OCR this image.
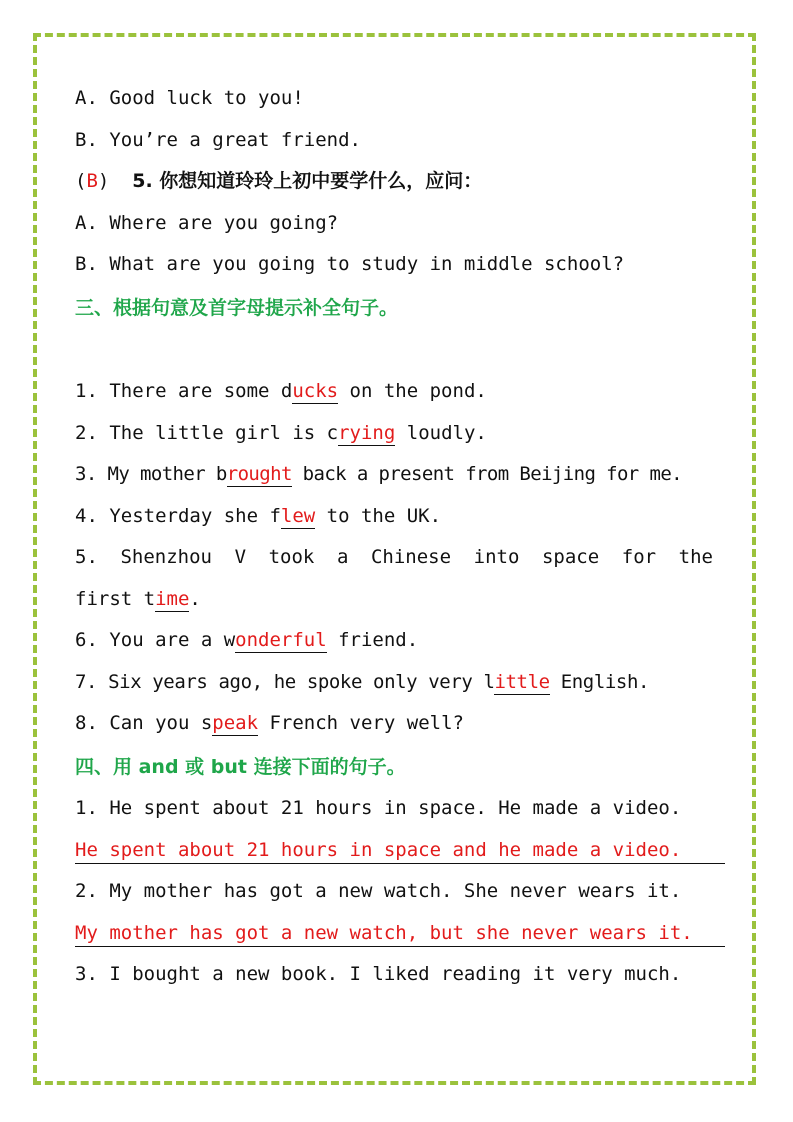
A. Good luck to you!
B. You’re a great friend.
(B) 5. 你想知道玲玲上初中要学什么，应问：
A. Where are you going?
B. What are you going to study in middle school?
三、根据句意及首字母提示补全句子。
1. There are some ducks on the pond.
2. The little girl is crying loudly.
3. My mother brought back a present from Beijing for me.
4. Yesterday she flew to the UK.
5. Shenzhou V took a Chinese into space for the
first time.
6. You are a wonderful friend.
7. Six years ago, he spoke only very little English.
8. Can you speak French very well?
四、用 and 或 but 连接下面的句子。
1. He spent about 21 hours in space. He made a video.
He spent about 21 hours in space and he made a video.
2. My mother has got a new watch. She never wears it.
My mother has got a new watch, but she never wears it.
3. I bought a new book. I liked reading it very much.
